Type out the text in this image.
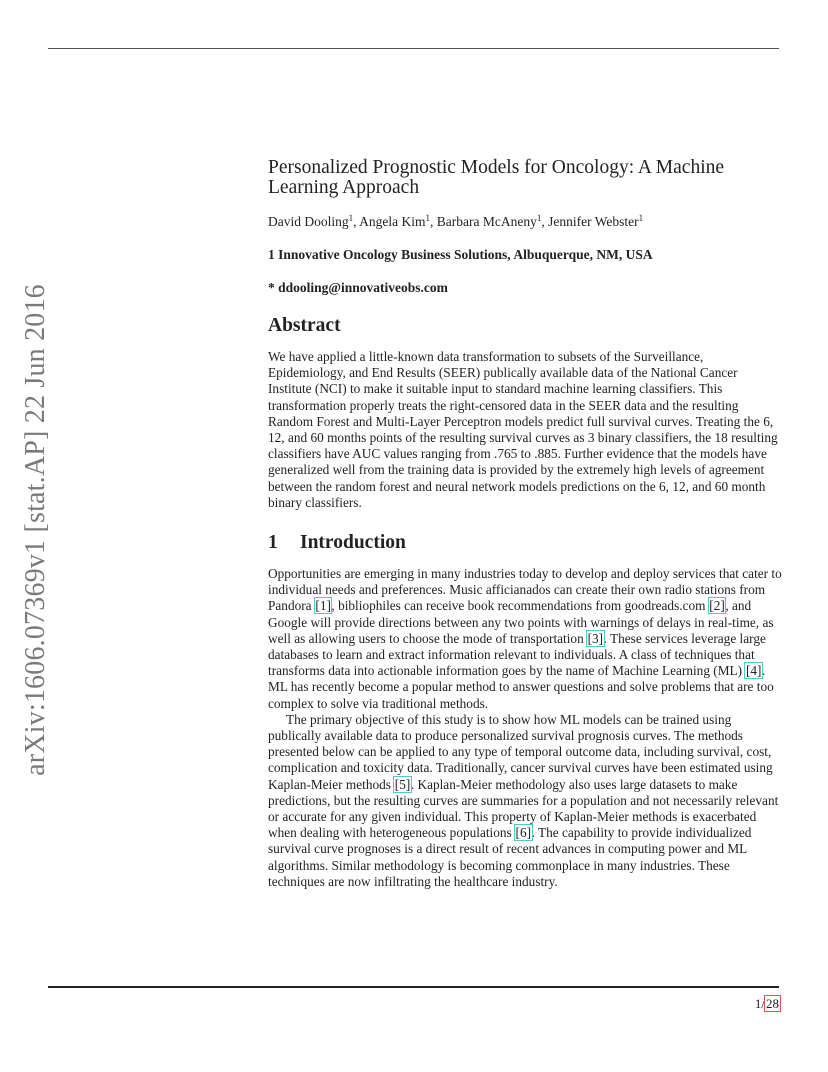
arXiv:1606.07369v1 [stat.AP] 22 Jun 2016
Personalized Prognostic Models for Oncology: A Machine Learning Approach
David Dooling$^1$, Angela Kim$^1$, Barbara McAneny$^1$, Jennifer Webster$^1$
1 Innovative Oncology Business Solutions, Albuquerque, NM, USA
* ddooling@innovativeobs.com
Abstract

We have applied a little-known data transformation to subsets of the Surveillance, Epidemiology, and End Results (SEER) publically available data of the National Cancer Institute (NCI) to make it suitable input to standard machine learning classifiers. This transformation properly treats the right-censored data in the SEER data and the resulting Random Forest and Multi-Layer Perceptron models predict full survival curves. Treating the 6, 12, and 60 months points of the resulting survival curves as 3 binary classifiers, the 18 resulting classifiers have AUC values ranging from .765 to .885. Further evidence that the models have generalized well from the training data is provided by the extremely high levels of agreement between the random forest and neural network models predictions on the 6, 12, and 60 month binary classifiers.

1 Introduction

Opportunities are emerging in many industries today to develop and deploy services that cater to individual needs and preferences. Music afficianados can create their own radio stations from Pandora [1], bibliophiles can receive book recommendations from goodreads.com [2], and Google will provide directions between any two points with warnings of delays in real-time, as well as allowing users to choose the mode of transportation [3]. These services leverage large databases to learn and extract information relevant to individuals. A class of techniques that transforms data into actionable information goes by the name of Machine Learning (ML) [4]. ML has recently become a popular method to answer questions and solve problems that are too complex to solve via traditional methods.

The primary objective of this study is to show how ML models can be trained using publically available data to produce personalized survival prognosis curves. The methods presented below can be applied to any type of temporal outcome data, including survival, cost, complication and toxicity data. Traditionally, cancer survival curves have been estimated using Kaplan-Meier methods [5]. Kaplan-Meier methodology also uses large datasets to make predictions, but the resulting curves are summaries for a population and not necessarily relevant or accurate for any given individual. This property of Kaplan-Meier methods is exacerbated when dealing with heterogeneous populations [6]. The capability to provide individualized survival curve prognoses is a direct result of recent advances in computing power and ML algorithms. Similar methodology is becoming commonplace in many industries. These techniques are now infiltrating the healthcare industry.

1/28
